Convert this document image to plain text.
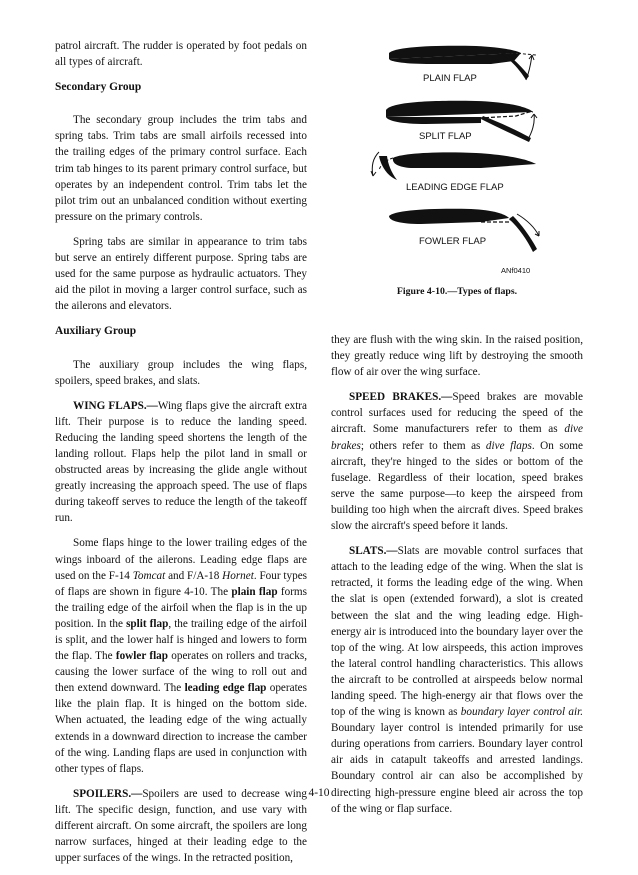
patrol aircraft. The rudder is operated by foot pedals on all types of aircraft.

Secondary Group

The secondary group includes the trim tabs and spring tabs. Trim tabs are small airfoils recessed into the trailing edges of the primary control surface. Each trim tab hinges to its parent primary control surface, but operates by an independent control. Trim tabs let the pilot trim out an unbalanced condition without exerting pressure on the primary controls.

Spring tabs are similar in appearance to trim tabs but serve an entirely different purpose. Spring tabs are used for the same purpose as hydraulic actuators. They aid the pilot in moving a larger control surface, such as the ailerons and elevators.

Auxiliary Group

The auxiliary group includes the wing flaps, spoilers, speed brakes, and slats.

WING FLAPS.—Wing flaps give the aircraft extra lift. Their purpose is to reduce the landing speed. Reducing the landing speed shortens the length of the landing rollout. Flaps help the pilot land in small or obstructed areas by increasing the glide angle without greatly increasing the approach speed. The use of flaps during takeoff serves to reduce the length of the takeoff run.

Some flaps hinge to the lower trailing edges of the wings inboard of the ailerons. Leading edge flaps are used on the F-14 Tomcat and F/A-18 Hornet. Four types of flaps are shown in figure 4-10. The plain flap forms the trailing edge of the airfoil when the flap is in the up position. In the split flap, the trailing edge of the airfoil is split, and the lower half is hinged and lowers to form the flap. The fowler flap operates on rollers and tracks, causing the lower surface of the wing to roll out and then extend downward. The leading edge flap operates like the plain flap. It is hinged on the bottom side. When actuated, the leading edge of the wing actually extends in a downward direction to increase the camber of the wing. Landing flaps are used in conjunction with other types of flaps.

SPOILERS.—Spoilers are used to decrease wing lift. The specific design, function, and use vary with different aircraft. On some aircraft, the spoilers are long narrow surfaces, hinged at their leading edge to the upper surfaces of the wings. In the retracted position,

PLAIN FLAP
SPLIT FLAP
LEADING EDGE FLAP
FOWLER FLAP
ANf0410
Figure 4-10.—Types of flaps.

they are flush with the wing skin. In the raised position, they greatly reduce wing lift by destroying the smooth flow of air over the wing surface.

SPEED BRAKES.—Speed brakes are movable control surfaces used for reducing the speed of the aircraft. Some manufacturers refer to them as dive brakes; others refer to them as dive flaps. On some aircraft, they're hinged to the sides or bottom of the fuselage. Regardless of their location, speed brakes serve the same purpose—to keep the airspeed from building too high when the aircraft dives. Speed brakes slow the aircraft's speed before it lands.

SLATS.—Slats are movable control surfaces that attach to the leading edge of the wing. When the slat is retracted, it forms the leading edge of the wing. When the slat is open (extended forward), a slot is created between the slat and the wing leading edge. High-energy air is introduced into the boundary layer over the top of the wing. At low airspeeds, this action improves the lateral control handling characteristics. This allows the aircraft to be controlled at airspeeds below normal landing speed. The high-energy air that flows over the top of the wing is known as boundary layer control air. Boundary layer control is intended primarily for use during operations from carriers. Boundary layer control air aids in catapult takeoffs and arrested landings. Boundary control air can also be accomplished by directing high-pressure engine bleed air across the top of the wing or flap surface.

4-10
